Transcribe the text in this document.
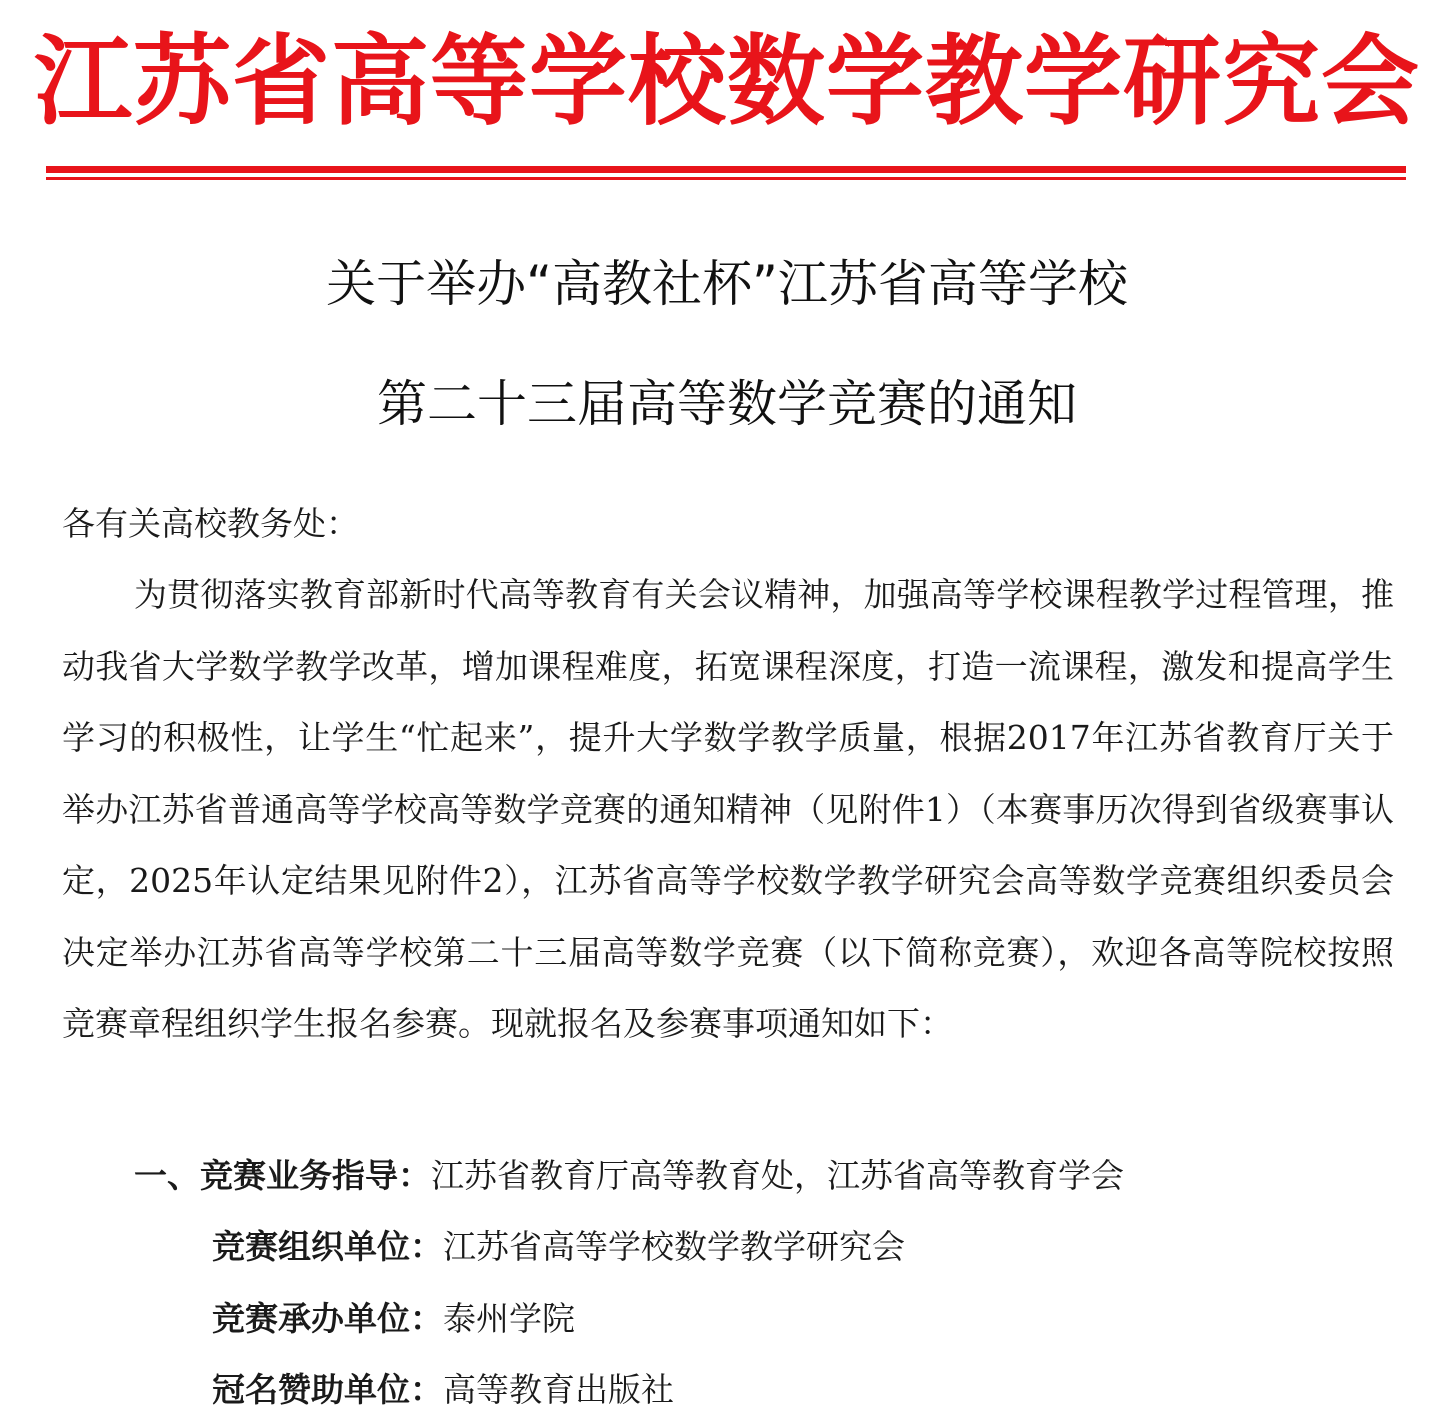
江苏省高等学校数学教学研究会
关于举办“高教社杯”江苏省高等学校
第二十三届高等数学竞赛的通知
各有关高校教务处：
为贯彻落实教育部新时代高等教育有关会议精神，加强高等学校课程教学过程管理，推动我省大学数学教学改革，增加课程难度，拓宽课程深度，打造一流课程，激发和提高学生学习的积极性，让学生“忙起来”，提升大学数学教学质量，根据2017年江苏省教育厅关于举办江苏省普通高等学校高等数学竞赛的通知精神（见附件1）（本赛事历次得到省级赛事认定，2025年认定结果见附件2），江苏省高等学校数学教学研究会高等数学竞赛组织委员会决定举办江苏省高等学校第二十三届高等数学竞赛（以下简称竞赛），欢迎各高等院校按照竞赛章程组织学生报名参赛。现就报名及参赛事项通知如下：
一、竞赛业务指导：江苏省教育厅高等教育处，江苏省高等教育学会
竞赛组织单位：江苏省高等学校数学教学研究会
竞赛承办单位：泰州学院
冠名赞助单位：高等教育出版社
